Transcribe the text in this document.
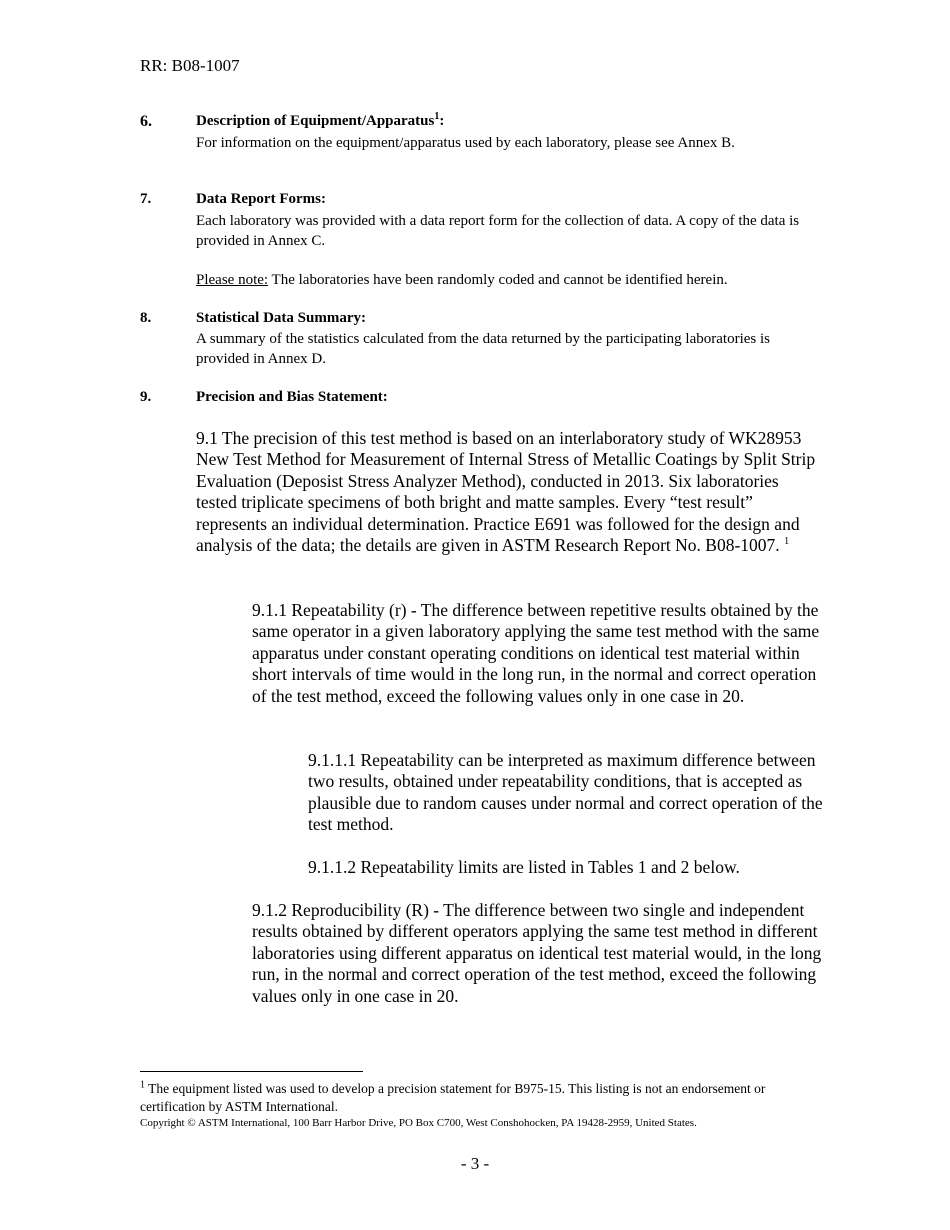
RR: B08-1007
6.	Description of Equipment/Apparatus$^1$:
For information on the equipment/apparatus used by each laboratory, please see Annex B.
7.	Data Report Forms:
Each laboratory was provided with a data report form for the collection of data. A copy of the data is provided in Annex C.
Please note: The laboratories have been randomly coded and cannot be identified herein.
8.	Statistical Data Summary:
A summary of the statistics calculated from the data returned by the participating laboratories is provided in Annex D.
9.	Precision and Bias Statement:
9.1 The precision of this test method is based on an interlaboratory study of WK28953 New Test Method for Measurement of Internal Stress of Metallic Coatings by Split Strip Evaluation (Deposist Stress Analyzer Method), conducted in 2013. Six laboratories tested triplicate specimens of both bright and matte samples. Every “test result” represents an individual determination. Practice E691 was followed for the design and analysis of the data; the details are given in ASTM Research Report No. B08-1007. $^1$
9.1.1 Repeatability (r) - The difference between repetitive results obtained by the same operator in a given laboratory applying the same test method with the same apparatus under constant operating conditions on identical test material within short intervals of time would in the long run, in the normal and correct operation of the test method, exceed the following values only in one case in 20.
9.1.1.1 Repeatability can be interpreted as maximum difference between two results, obtained under repeatability conditions, that is accepted as plausible due to random causes under normal and correct operation of the test method.
9.1.1.2 Repeatability limits are listed in Tables 1 and 2 below.
9.1.2 Reproducibility (R) - The difference between two single and independent results obtained by different operators applying the same test method in different laboratories using different apparatus on identical test material would, in the long run, in the normal and correct operation of the test method, exceed the following values only in one case in 20.
$^1$ The equipment listed was used to develop a precision statement for B975-15. This listing is not an endorsement or certification by ASTM International.
Copyright © ASTM International, 100 Barr Harbor Drive, PO Box C700, West Conshohocken, PA 19428-2959, United States.
- 3 -
